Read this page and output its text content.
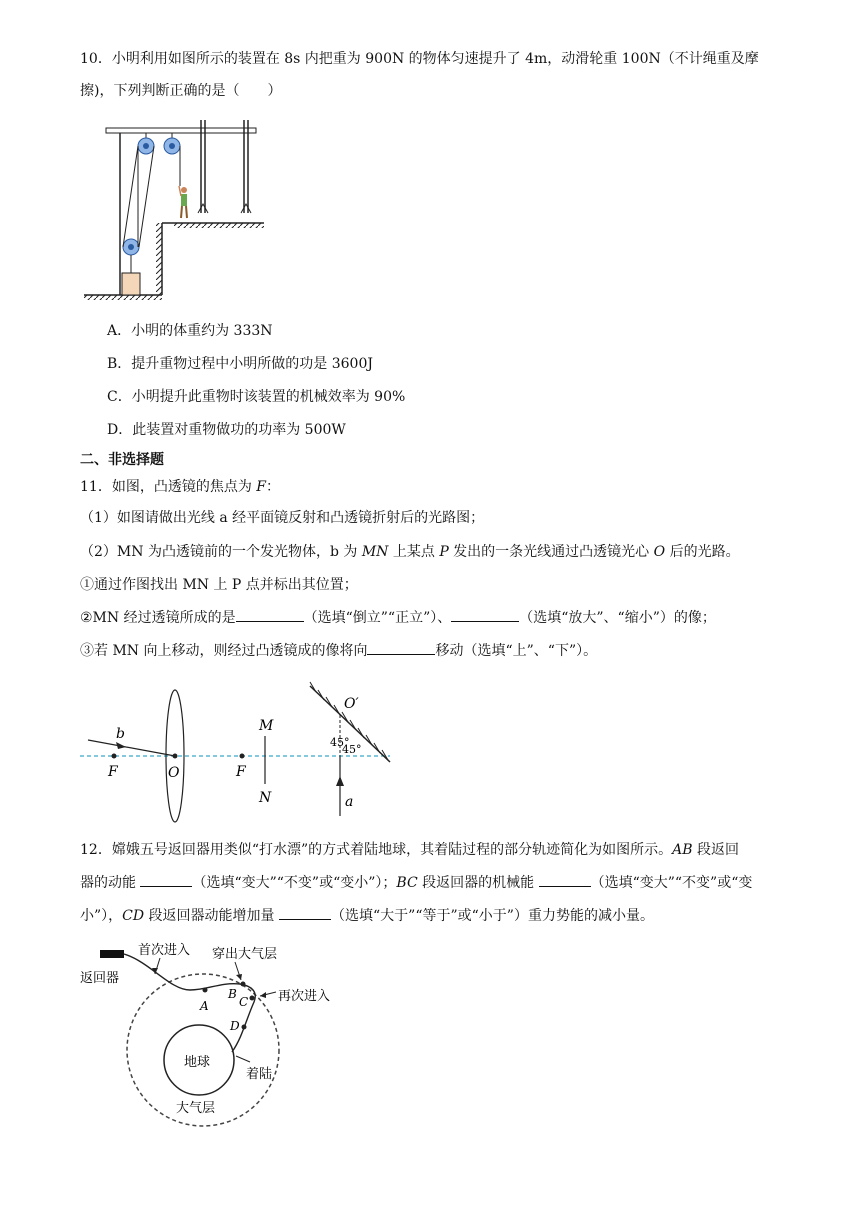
10．小明利用如图所示的装置在 8s 内把重为 900N 的物体匀速提升了 4m，动滑轮重 100N（不计绳重及摩
擦)，下列判断正确的是（　　）
A．小明的体重约为 333N
B．提升重物过程中小明所做的功是 3600J
C．小明提升此重物时该装置的机械效率为 90%
D．此装置对重物做功的功率为 500W
二、非选择题
11．如图，凸透镜的焦点为 F：
（1）如图请做出光线 a 经平面镜反射和凸透镜折射后的光路图；
（2）MN 为凸透镜前的一个发光物体，b 为 MN 上某点 P 发出的一条光线通过凸透镜光心 O 后的光路。
①通过作图找出 MN 上 P 点并标出其位置；
②MN 经过透镜所成的是	（选填“倒立”“正立”）、	（选填“放大”、“缩小”）的像；
③若 MN 向上移动，则经过凸透镜成的像将向	移动（选填“上”、“下”）。
b
F	O	F
M
N
O′
45°
45°
a
12．嫦娥五号返回器用类似“打水漂”的方式着陆地球，其着陆过程的部分轨迹简化为如图所示。AB 段返回
器的动能	（选填“变大”“不变”或“变小”）；BC 段返回器的机械能	（选填“变大”“不变”或“变
小”），CD 段返回器动能增加量	（选填“大于”“等于”或“小于”）重力势能的减小量。
首次进入 穿出大气层
返回器
再次进入
A
B
C
D
地球
着陆
大气层
